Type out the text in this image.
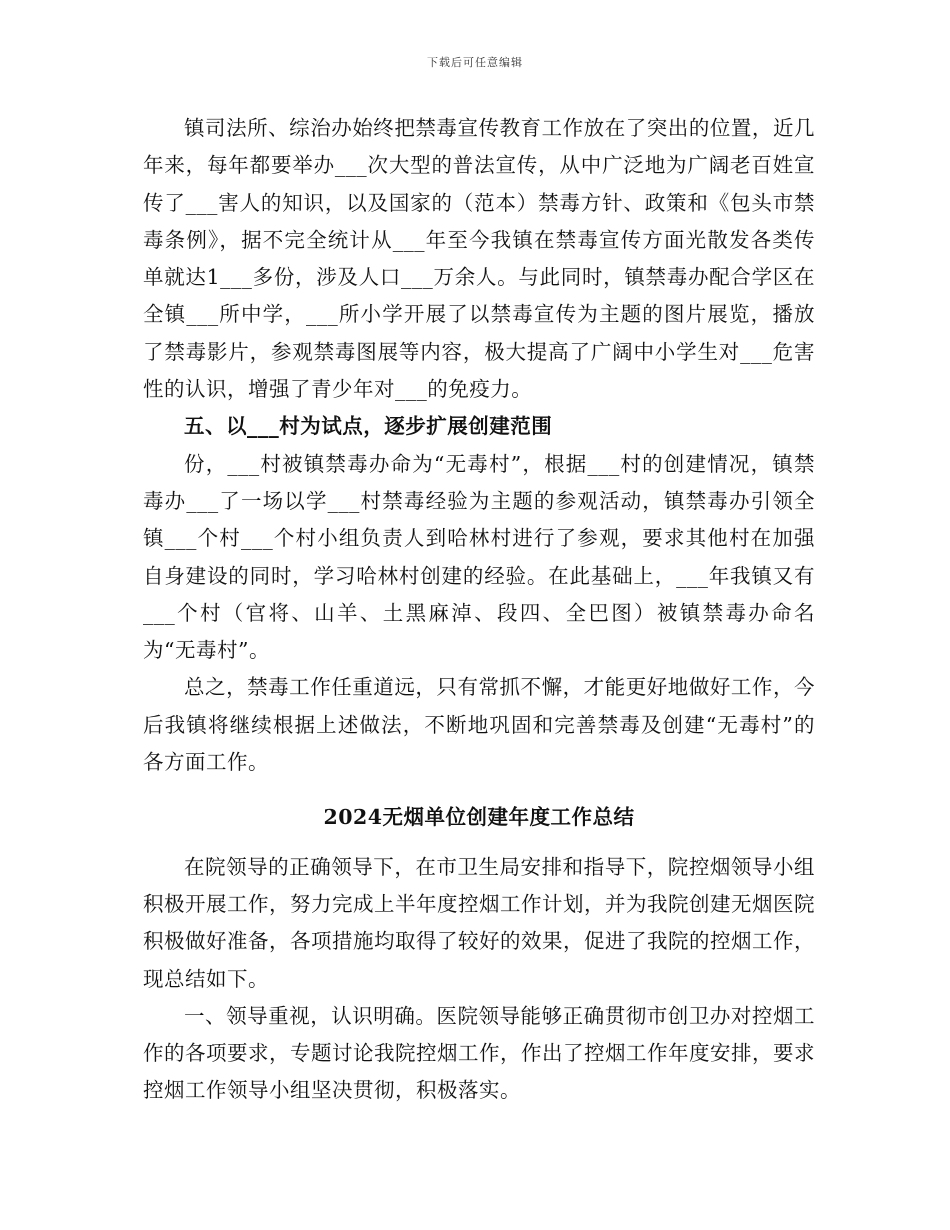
下载后可任意编辑

镇司法所、综治办始终把禁毒宣传教育工作放在了突出的位置，近几年来，每年都要举办___次大型的普法宣传，从中广泛地为广阔老百姓宣传了___害人的知识，以及国家的（范本）禁毒方针、政策和《包头市禁毒条例》，据不完全统计从___年至今我镇在禁毒宣传方面光散发各类传单就达1___多份，涉及人口___万余人。与此同时，镇禁毒办配合学区在全镇___所中学，___所小学开展了以禁毒宣传为主题的图片展览，播放了禁毒影片，参观禁毒图展等内容，极大提高了广阔中小学生对___危害性的认识，增强了青少年对___的免疫力。

五、以___村为试点，逐步扩展创建范围

份，___村被镇禁毒办命为“无毒村”，根据___村的创建情况，镇禁毒办___了一场以学___村禁毒经验为主题的参观活动，镇禁毒办引领全镇___个村___个村小组负责人到哈林村进行了参观，要求其他村在加强自身建设的同时，学习哈林村创建的经验。在此基础上，___年我镇又有___个村（官将、山羊、土黑麻淖、段四、全巴图）被镇禁毒办命名为“无毒村”。

总之，禁毒工作任重道远，只有常抓不懈，才能更好地做好工作，今后我镇将继续根据上述做法，不断地巩固和完善禁毒及创建“无毒村”的各方面工作。

2024无烟单位创建年度工作总结

在院领导的正确领导下，在市卫生局安排和指导下，院控烟领导小组积极开展工作，努力完成上半年度控烟工作计划，并为我院创建无烟医院积极做好准备，各项措施均取得了较好的效果，促进了我院的控烟工作，现总结如下。

一、领导重视，认识明确。医院领导能够正确贯彻市创卫办对控烟工作的各项要求，专题讨论我院控烟工作，作出了控烟工作年度安排，要求控烟工作领导小组坚决贯彻，积极落实。
